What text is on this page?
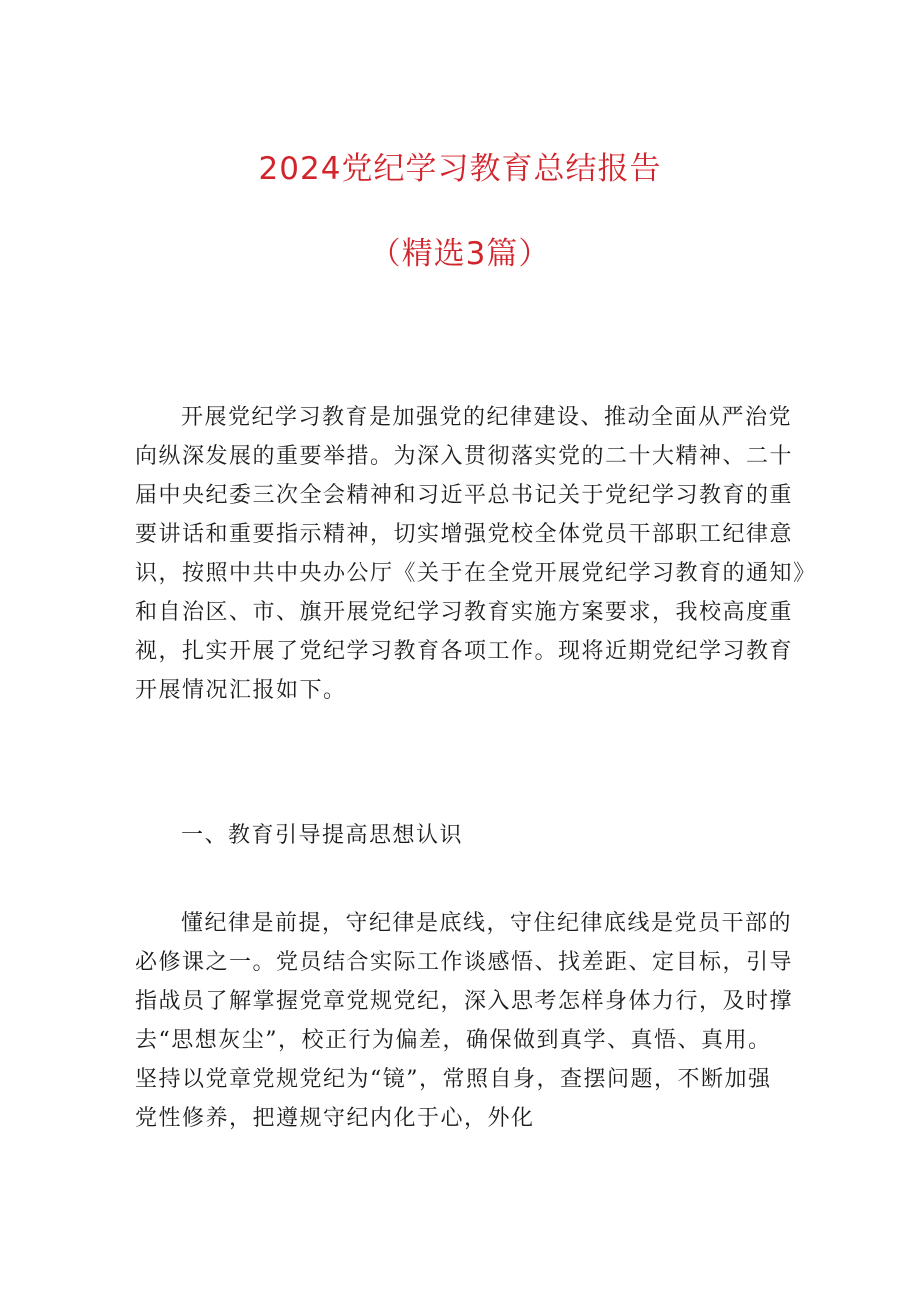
2024党纪学习教育总结报告
（精选3篇）

开展党纪学习教育是加强党的纪律建设、推动全面从严治党
向纵深发展的重要举措。为深入贯彻落实党的二十大精神、二十
届中央纪委三次全会精神和习近平总书记关于党纪学习教育的重
要讲话和重要指示精神，切实增强党校全体党员干部职工纪律意
识，按照中共中央办公厅《关于在全党开展党纪学习教育的通知》
和自治区、市、旗开展党纪学习教育实施方案要求，我校高度重
视，扎实开展了党纪学习教育各项工作。现将近期党纪学习教育
开展情况汇报如下。

一、教育引导提高思想认识

懂纪律是前提，守纪律是底线，守住纪律底线是党员干部的
必修课之一。党员结合实际工作谈感悟、找差距、定目标，引导
指战员了解掌握党章党规党纪，深入思考怎样身体力行，及时撑
去“思想灰尘”，校正行为偏差，确保做到真学、真悟、真用。
坚持以党章党规党纪为“镜”，常照自身，查摆问题，不断加强
党性修养，把遵规守纪内化于心，外化
